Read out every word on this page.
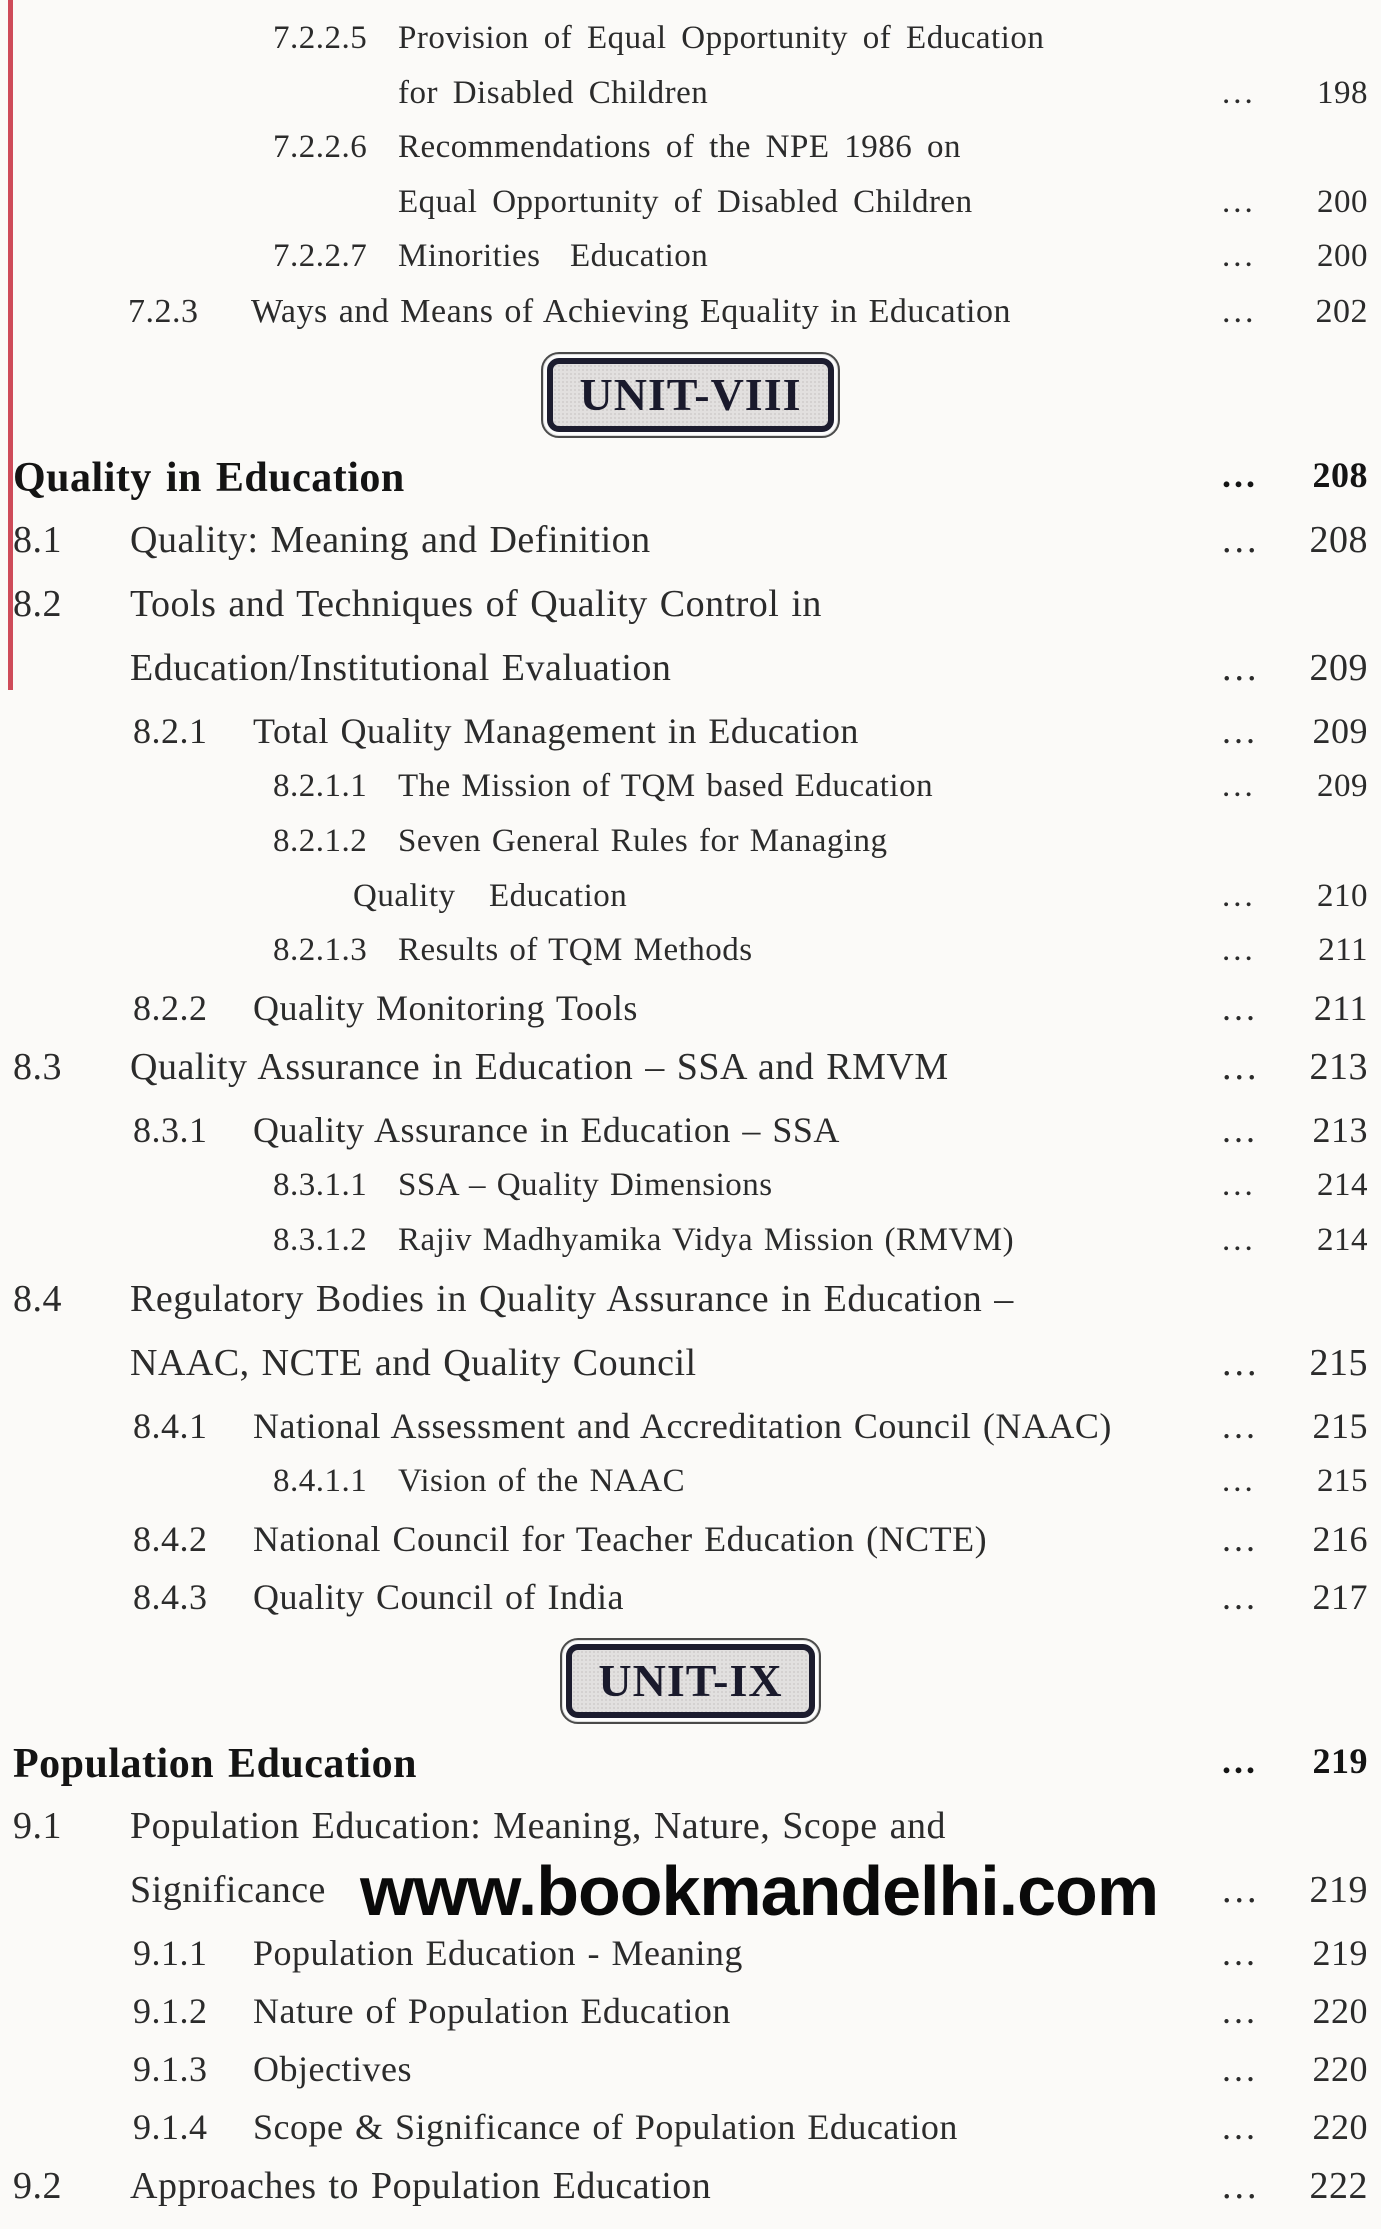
7.2.2.5 Provision of Equal Opportunity of Education
for Disabled Children	... 198
7.2.2.6 Recommendations of the NPE 1986 on
Equal Opportunity of Disabled Children	... 200
7.2.2.7 Minorities  Education	... 200
7.2.3	Ways and Means of Achieving Equality in Education	... 202
UNIT-VIII
Quality in Education	... 208
8.1	Quality: Meaning and Definition	... 208
8.2	Tools and Techniques of Quality Control in
Education/Institutional Evaluation	... 209
8.2.1	Total Quality Management in Education	... 209
8.2.1.1 The Mission of TQM based Education	... 209
8.2.1.2 Seven General Rules for Managing
Quality  Education	... 210
8.2.1.3 Results of TQM Methods	... 211
8.2.2	Quality Monitoring Tools	... 211
8.3	Quality Assurance in Education – SSA and RMVM	... 213
8.3.1	Quality Assurance in Education – SSA	... 213
8.3.1.1 SSA – Quality Dimensions	... 214
8.3.1.2 Rajiv Madhyamika Vidya Mission (RMVM)	... 214
8.4	Regulatory Bodies in Quality Assurance in Education –
NAAC, NCTE and Quality Council	... 215
8.4.1	National Assessment and Accreditation Council (NAAC)	... 215
8.4.1.1 Vision of the NAAC	... 215
8.4.2	National Council for Teacher Education (NCTE)	... 216
8.4.3	Quality Council of India	... 217
UNIT-IX
Population Education	... 219
9.1	Population Education: Meaning, Nature, Scope and
Significance	... 219
9.1.1	Population Education - Meaning	... 219
9.1.2	Nature of Population Education	... 220
9.1.3	Objectives	... 220
9.1.4	Scope & Significance of Population Education	... 220
9.2	Approaches to Population Education	... 222
www.bookmandelhi.com
